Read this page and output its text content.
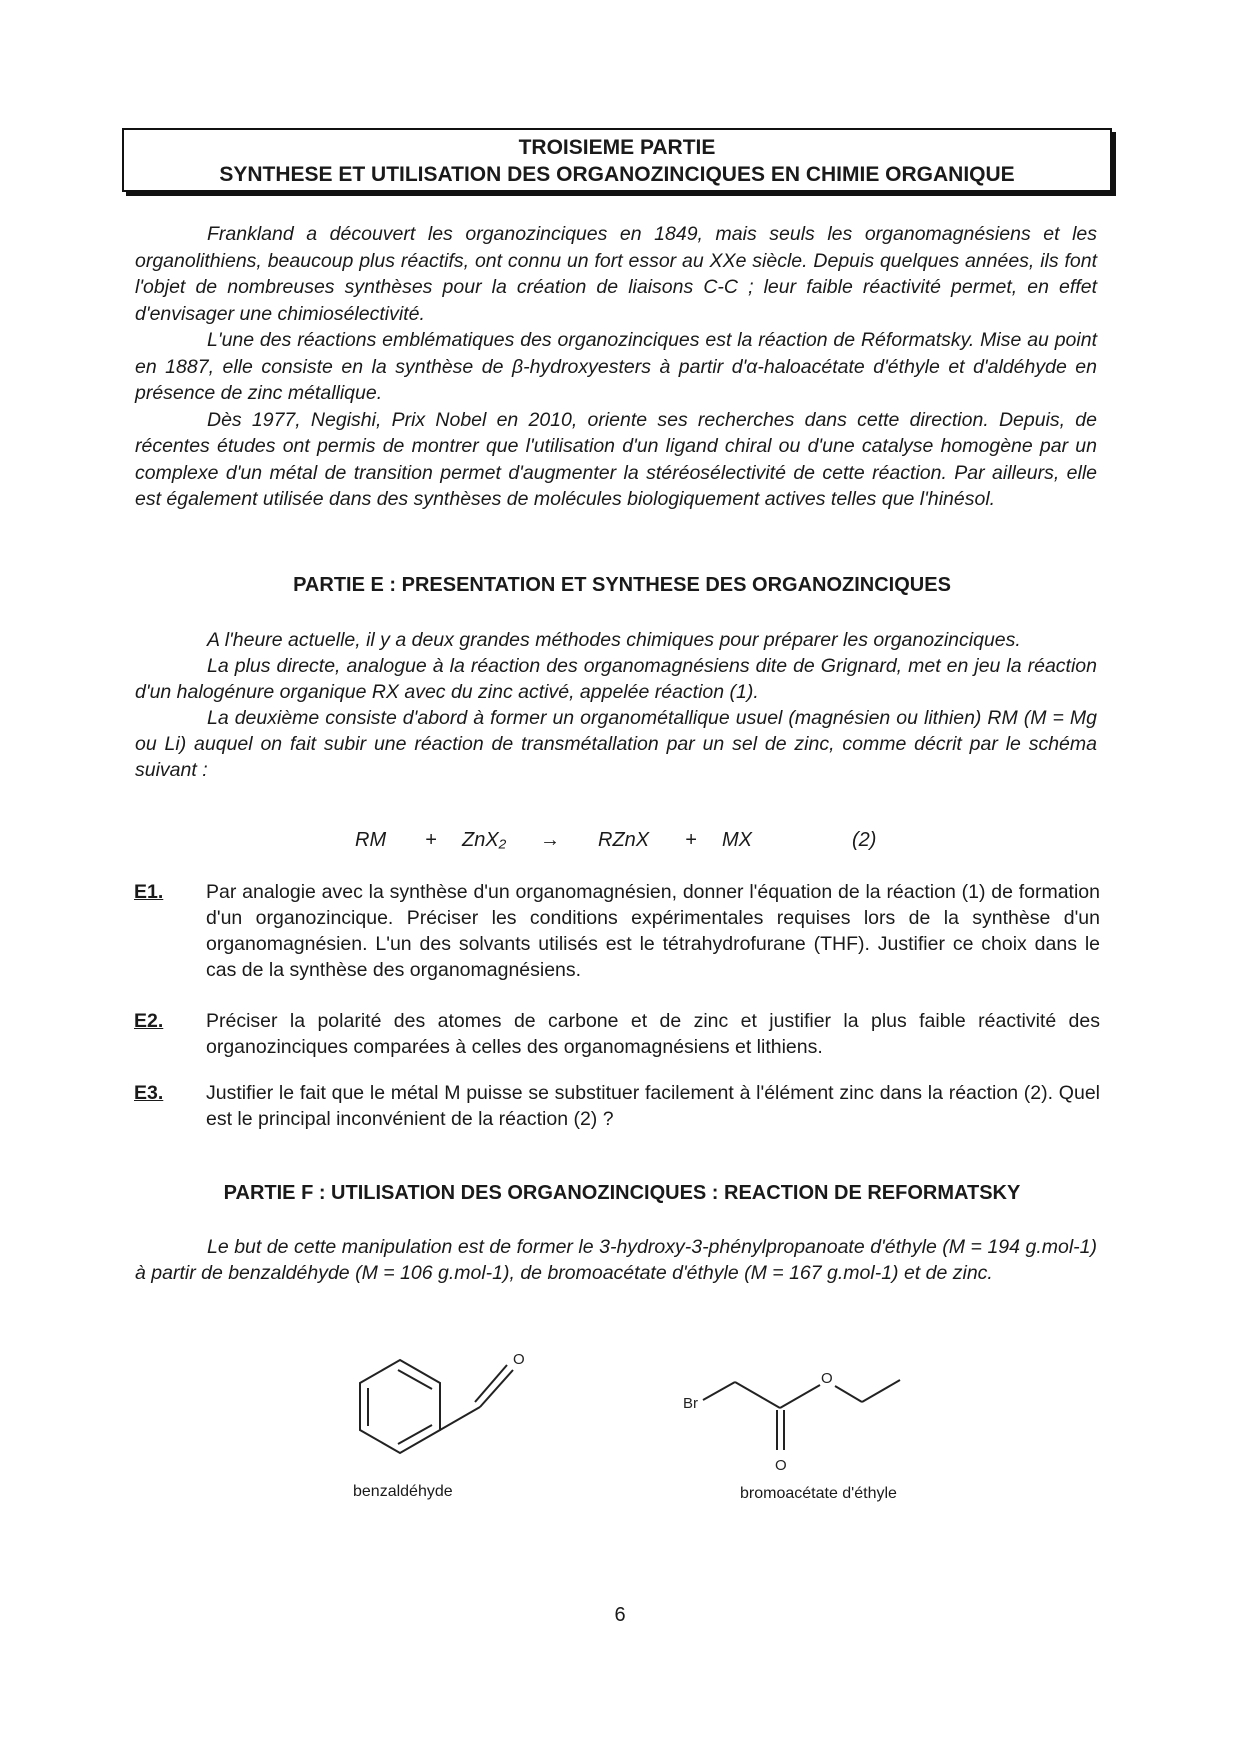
TROISIEME PARTIE
SYNTHESE ET UTILISATION DES ORGANOZINCIQUES EN CHIMIE ORGANIQUE

Frankland a découvert les organozinciques en 1849, mais seuls les organomagnésiens et les organolithiens, beaucoup plus réactifs, ont connu un fort essor au XXe siècle. Depuis quelques années, ils font l'objet de nombreuses synthèses pour la création de liaisons C-C ; leur faible réactivité permet, en effet d'envisager une chimiosélectivité.

L'une des réactions emblématiques des organozinciques est la réaction de Réformatsky. Mise au point en 1887, elle consiste en la synthèse de β-hydroxyesters à partir d'α-haloacétate d'éthyle et d'aldéhyde en présence de zinc métallique.

Dès 1977, Negishi, Prix Nobel en 2010, oriente ses recherches dans cette direction. Depuis, de récentes études ont permis de montrer que l'utilisation d'un ligand chiral ou d'une catalyse homogène par un complexe d'un métal de transition permet d'augmenter la stéréosélectivité de cette réaction. Par ailleurs, elle est également utilisée dans des synthèses de molécules biologiquement actives telles que l'hinésol.

PARTIE E : PRESENTATION ET SYNTHESE DES ORGANOZINCIQUES

A l'heure actuelle, il y a deux grandes méthodes chimiques pour préparer les organozinciques.

La plus directe, analogue à la réaction des organomagnésiens dite de Grignard, met en jeu la réaction d'un halogénure organique RX avec du zinc activé, appelée réaction (1).

La deuxième consiste d'abord à former un organométallique usuel (magnésien ou lithien) RM (M = Mg ou Li) auquel on fait subir une réaction de transmétallation par un sel de zinc, comme décrit par le schéma suivant :

RM + ZnX₂ → RZnX + MX	(2)
E1. Par analogie avec la synthèse d'un organomagnésien, donner l'équation de la réaction (1) de formation d'un organozincique. Préciser les conditions expérimentales requises lors de la synthèse d'un organomagnésien. L'un des solvants utilisés est le tétrahydrofurane (THF). Justifier ce choix dans le cas de la synthèse des organomagnésiens.
E2. Préciser la polarité des atomes de carbone et de zinc et justifier la plus faible réactivité des organozinciques comparées à celles des organomagnésiens et lithiens.
E3. Justifier le fait que le métal M puisse se substituer facilement à l'élément zinc dans la réaction (2). Quel est le principal inconvénient de la réaction (2) ?
PARTIE F : UTILISATION DES ORGANOZINCIQUES : REACTION DE REFORMATSKY

Le but de cette manipulation est de former le 3-hydroxy-3-phénylpropanoate d'éthyle (M = 194 g.mol-1) à partir de benzaldéhyde (M = 106 g.mol-1), de bromoacétate d'éthyle (M = 167 g.mol-1) et de zinc.

O
benzaldéhyde
Br
O
O
bromoacétate d'éthyle
6
